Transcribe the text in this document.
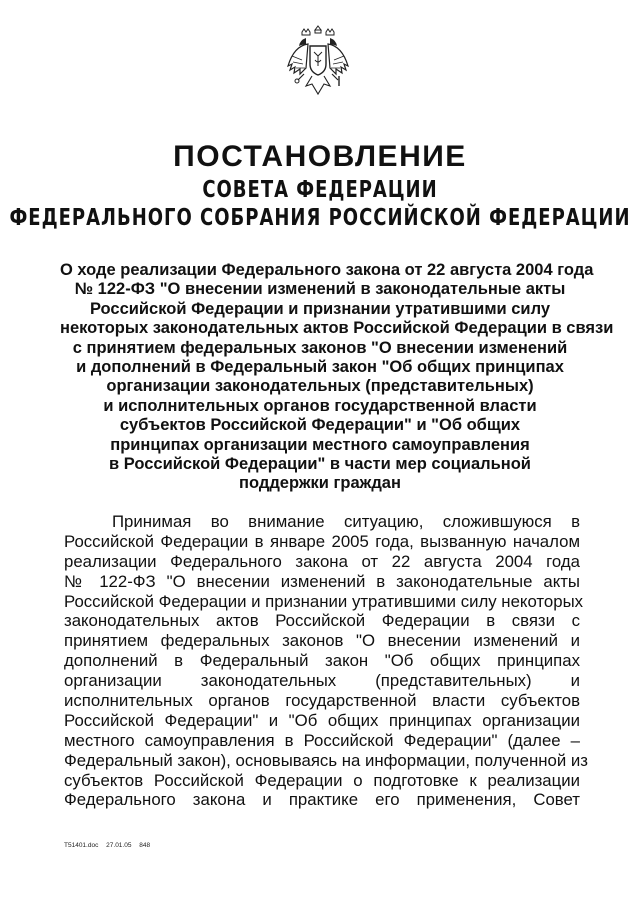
ПОСТАНОВЛЕНИЕ
СОВЕТА ФЕДЕРАЦИИ
ФЕДЕРАЛЬНОГО СОБРАНИЯ РОССИЙСКОЙ ФЕДЕРАЦИИ
О ходе реализации Федерального закона от 22 августа 2004 года
№ 122-ФЗ "О внесении изменений в законодательные акты
Российской Федерации и признании утратившими силу
некоторых законодательных актов Российской Федерации в связи
с принятием федеральных законов "О внесении изменений
и дополнений в Федеральный закон "Об общих принципах
организации законодательных (представительных)
и исполнительных органов государственной власти
субъектов Российской Федерации" и "Об общих
принципах организации местного самоуправления
в Российской Федерации" в части мер социальной
поддержки граждан
Принимая во внимание ситуацию, сложившуюся в
Российской Федерации в январе 2005 года, вызванную началом
реализации Федерального закона от 22 августа 2004 года
№ 122-ФЗ "О внесении изменений в законодательные акты
Российской Федерации и признании утратившими силу некоторых
законодательных актов Российской Федерации в связи с
принятием федеральных законов "О внесении изменений и
дополнений в Федеральный закон "Об общих принципах
организации законодательных (представительных) и
исполнительных органов государственной власти субъектов
Российской Федерации" и "Об общих принципах организации
местного самоуправления в Российской Федерации" (далее –
Федеральный закон), основываясь на информации, полученной из
субъектов Российской Федерации о подготовке к реализации
Федерального закона и практике его применения, Совет
T51401.doc 27.01.05 848
